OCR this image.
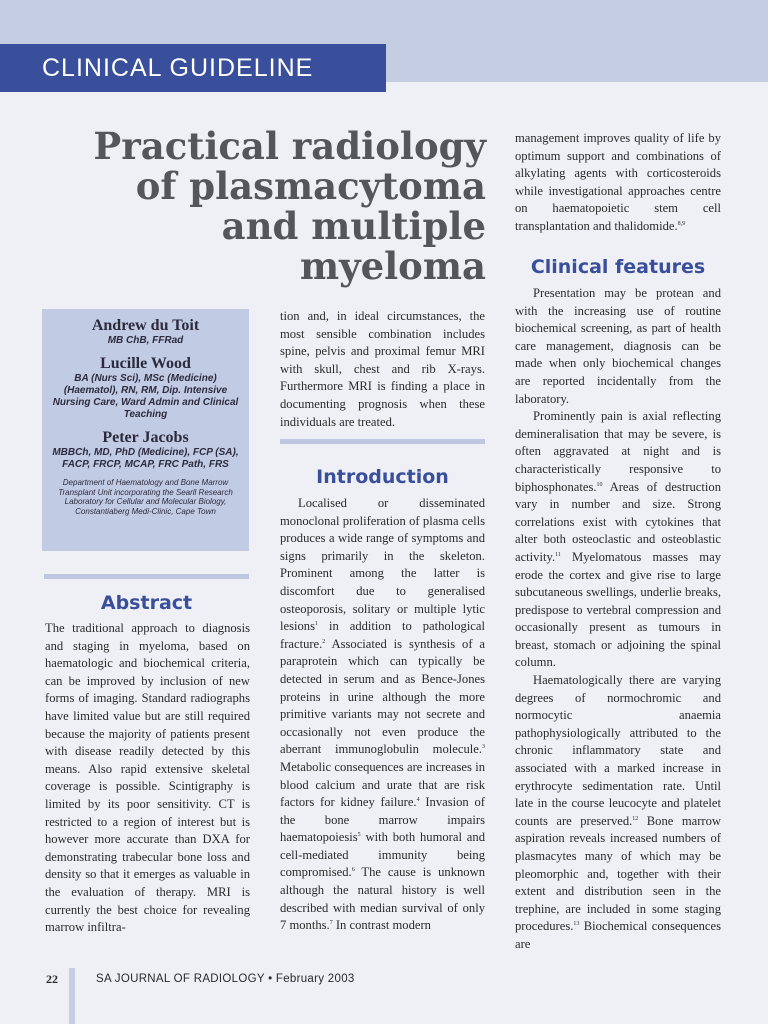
CLINICAL GUIDELINE
Practical radiology
of plasmacytoma
and multiple
myeloma
Andrew du Toit
MB ChB, FFRad
Lucille Wood
BA (Nurs Sci), MSc (Medicine) (Haematol), RN, RM, Dip. Intensive Nursing Care, Ward Admin and Clinical Teaching
Peter Jacobs
MBBCh, MD, PhD (Medicine), FCP (SA), FACP, FRCP, MCAP, FRC Path, FRS
Department of Haematology and Bone Marrow Transplant Unit incorporating the Searll Research Laboratory for Cellular and Molecular Biology, Constantiaberg Medi-Clinic, Cape Town
Abstract

The traditional approach to diagnosis and staging in myeloma, based on haematologic and biochemical criteria, can be improved by inclusion of new forms of imaging. Standard radiographs have limited value but are still required because the majority of patients present with disease readily detected by this means. Also rapid extensive skeletal coverage is possible. Scintigraphy is limited by its poor sensitivity. CT is restricted to a region of interest but is however more accurate than DXA for demonstrating trabecular bone loss and density so that it emerges as valuable in the evaluation of therapy. MRI is currently the best choice for revealing marrow infiltra-

tion and, in ideal circumstances, the most sensible combination includes spine, pelvis and proximal femur MRI with skull, chest and rib X-rays. Furthermore MRI is finding a place in documenting prognosis when these individuals are treated.

Introduction

Localised or disseminated monoclonal proliferation of plasma cells produces a wide range of symptoms and signs primarily in the skeleton. Prominent among the latter is discomfort due to generalised osteoporosis, solitary or multiple lytic lesions$^1$ in addition to pathological fracture.$^2$ Associated is synthesis of a paraprotein which can typically be detected in serum and as Bence-Jones proteins in urine although the more primitive variants may not secrete and occasionally not even produce the aberrant immunoglobulin molecule.$^3$ Metabolic consequences are increases in blood calcium and urate that are risk factors for kidney failure.$^4$ Invasion of the bone marrow impairs haematopoiesis$^5$ with both humoral and cell-mediated immunity being compromised.$^6$ The cause is unknown although the natural history is well described with median survival of only 7 months.$^7$ In contrast modern

management improves quality of life by optimum support and combinations of alkylating agents with corticosteroids while investigational approaches centre on haematopoietic stem cell transplantation and thalidomide.$^{8,9}$

Clinical features

Presentation may be protean and with the increasing use of routine biochemical screening, as part of health care management, diagnosis can be made when only biochemical changes are reported incidentally from the laboratory.

Prominently pain is axial reflecting demineralisation that may be severe, is often aggravated at night and is characteristically responsive to biphosphonates.$^{10}$ Areas of destruction vary in number and size. Strong correlations exist with cytokines that alter both osteoclastic and osteoblastic activity.$^{11}$ Myelomatous masses may erode the cortex and give rise to large subcutaneous swellings, underlie breaks, predispose to vertebral compression and occasionally present as tumours in breast, stomach or adjoining the spinal column.

Haematologically there are varying degrees of normochromic and normocytic anaemia pathophysiologically attributed to the chronic inflammatory state and associated with a marked increase in erythrocyte sedimentation rate. Until late in the course leucocyte and platelet counts are preserved.$^{12}$ Bone marrow aspiration reveals increased numbers of plasmacytes many of which may be pleomorphic and, together with their extent and distribution seen in the trephine, are included in some staging procedures.$^{13}$ Biochemical consequences are

22	SA JOURNAL OF RADIOLOGY • February 2003
